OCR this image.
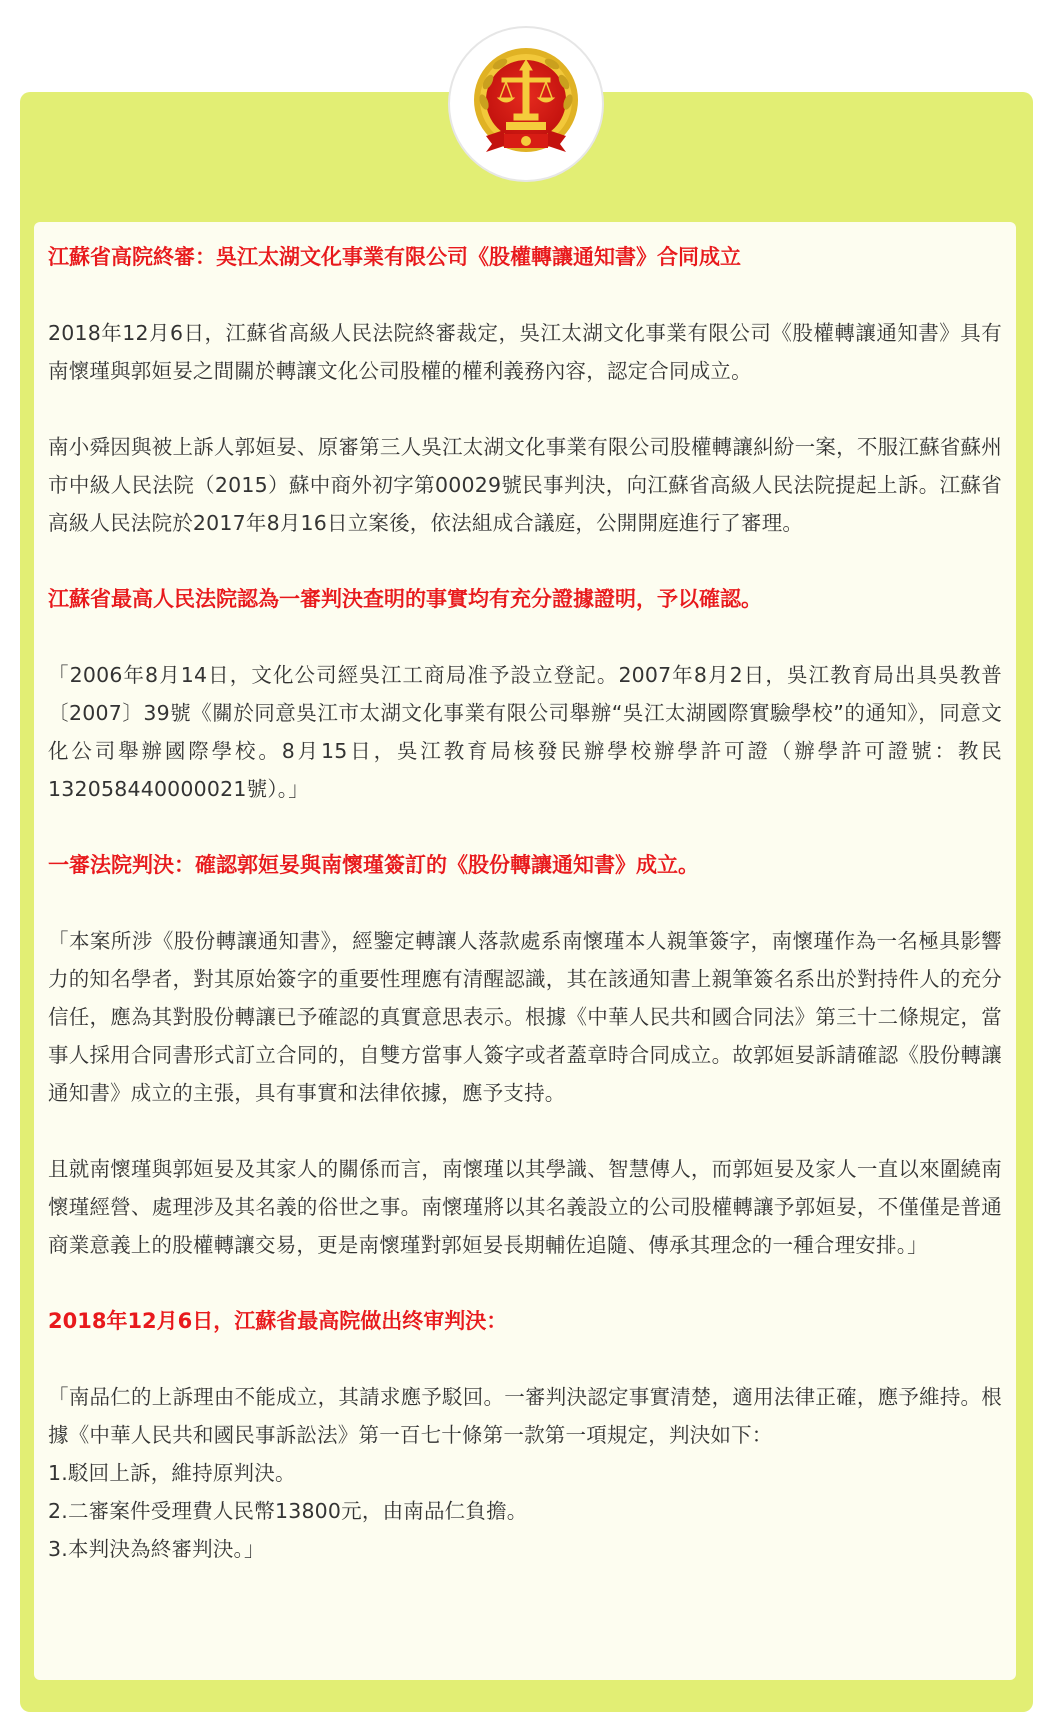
江蘇省高院終審：吳江太湖文化事業有限公司《股權轉讓通知書》合同成立

2018年12月6日，江蘇省高級人民法院終審裁定，吳江太湖文化事業有限公司《股權轉讓通知書》具有南懷瑾與郭姮妟之間關於轉讓文化公司股權的權利義務內容，認定合同成立。

南小舜因與被上訴人郭姮妟、原審第三人吳江太湖文化事業有限公司股權轉讓糾紛一案，不服江蘇省蘇州市中級人民法院（2015）蘇中商外初字第00029號民事判決，向江蘇省高級人民法院提起上訴。江蘇省高級人民法院於2017年8月16日立案後，依法組成合議庭，公開開庭進行了審理。

江蘇省最高人民法院認為一審判決查明的事實均有充分證據證明，予以確認。

「2006年8月14日，文化公司經吳江工商局准予設立登記。2007年8月2日，吳江教育局出具吳教普〔2007〕39號《關於同意吳江市太湖文化事業有限公司舉辦“吳江太湖國際實驗學校”的通知》，同意文化公司舉辦國際學校。8月15日，吳江教育局核發民辦學校辦學許可證（辦學許可證號：教民132058440000021號）。」

一審法院判決：確認郭姮妟與南懷瑾簽訂的《股份轉讓通知書》成立。

「本案所涉《股份轉讓通知書》，經鑒定轉讓人落款處系南懷瑾本人親筆簽字，南懷瑾作為一名極具影響力的知名學者，對其原始簽字的重要性理應有清醒認識，其在該通知書上親筆簽名系出於對持件人的充分信任，應為其對股份轉讓已予確認的真實意思表示。根據《中華人民共和國合同法》第三十二條規定，當事人採用合同書形式訂立合同的，自雙方當事人簽字或者蓋章時合同成立。故郭姮妟訴請確認《股份轉讓通知書》成立的主張，具有事實和法律依據，應予支持。

且就南懷瑾與郭姮妟及其家人的關係而言，南懷瑾以其學識、智慧傳人，而郭姮妟及家人一直以來圍繞南懷瑾經營、處理涉及其名義的俗世之事。南懷瑾將以其名義設立的公司股權轉讓予郭姮妟，不僅僅是普通商業意義上的股權轉讓交易，更是南懷瑾對郭姮妟長期輔佐追隨、傳承其理念的一種合理安排。」

2018年12月6日，江蘇省最高院做出终审判決：

「南品仁的上訴理由不能成立，其請求應予駁回。一審判決認定事實清楚，適用法律正確，應予維持。根據《中華人民共和國民事訴訟法》第一百七十條第一款第一項規定，判決如下：

1.駁回上訴，維持原判決。
2.二審案件受理費人民幣13800元，由南品仁負擔。
3.本判決為終審判決。」
